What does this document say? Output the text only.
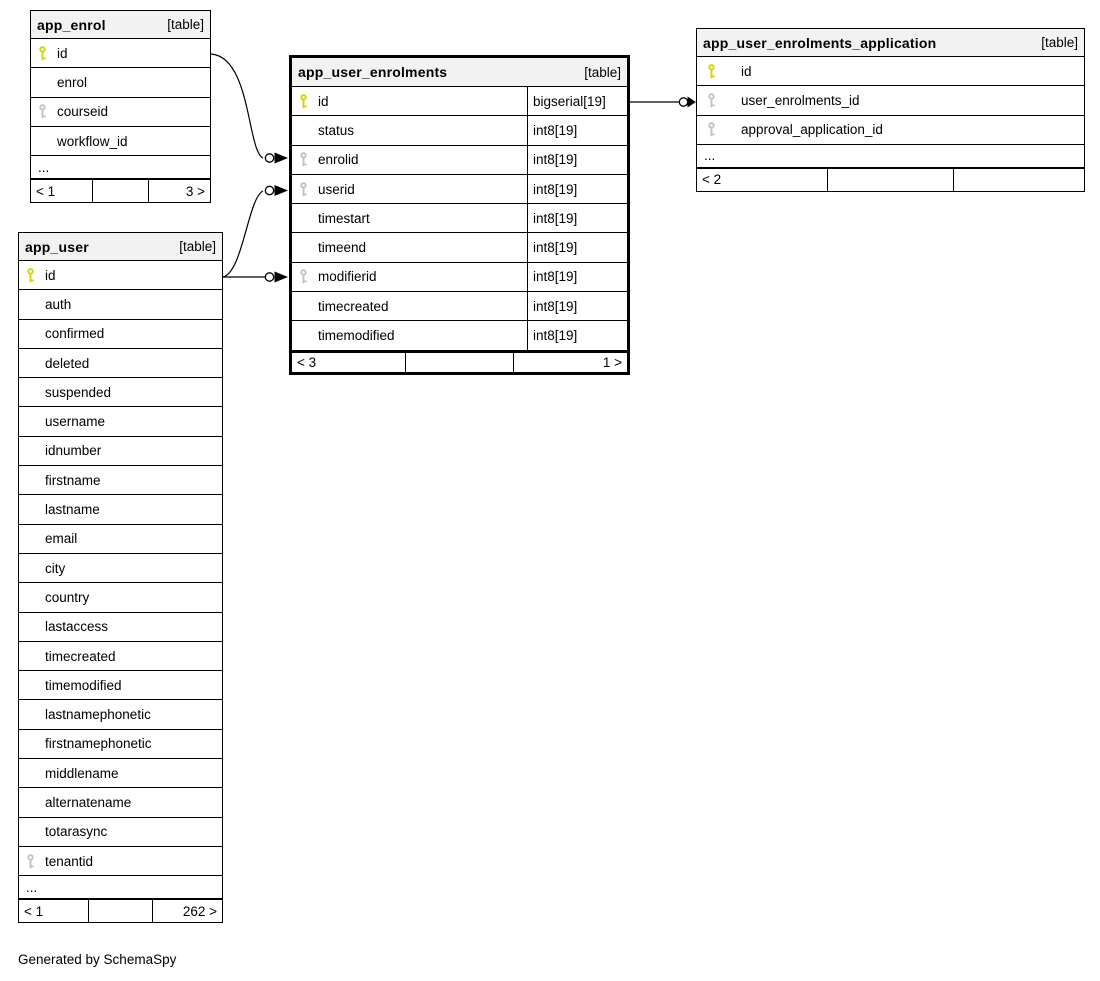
app_enrol	[table]
id
enrol
courseid
workflow_id
...
< 1	3 >
app_user	[table]
id
auth
confirmed
deleted
suspended
username
idnumber
firstname
lastname
email
city
country
lastaccess
timecreated
timemodified
lastnamephonetic
firstnamephonetic
middlename
alternatename
totarasync
tenantid
...
< 1	262 >
app_user_enrolments	[table]
id	bigserial[19]
status	int8[19]
enrolid	int8[19]
userid	int8[19]
timestart	int8[19]
timeend	int8[19]
modifierid	int8[19]
timecreated	int8[19]
timemodified	int8[19]
< 3	1 >
app_user_enrolments_application	[table]
id
user_enrolments_id
approval_application_id
...
< 2
Generated by SchemaSpy
